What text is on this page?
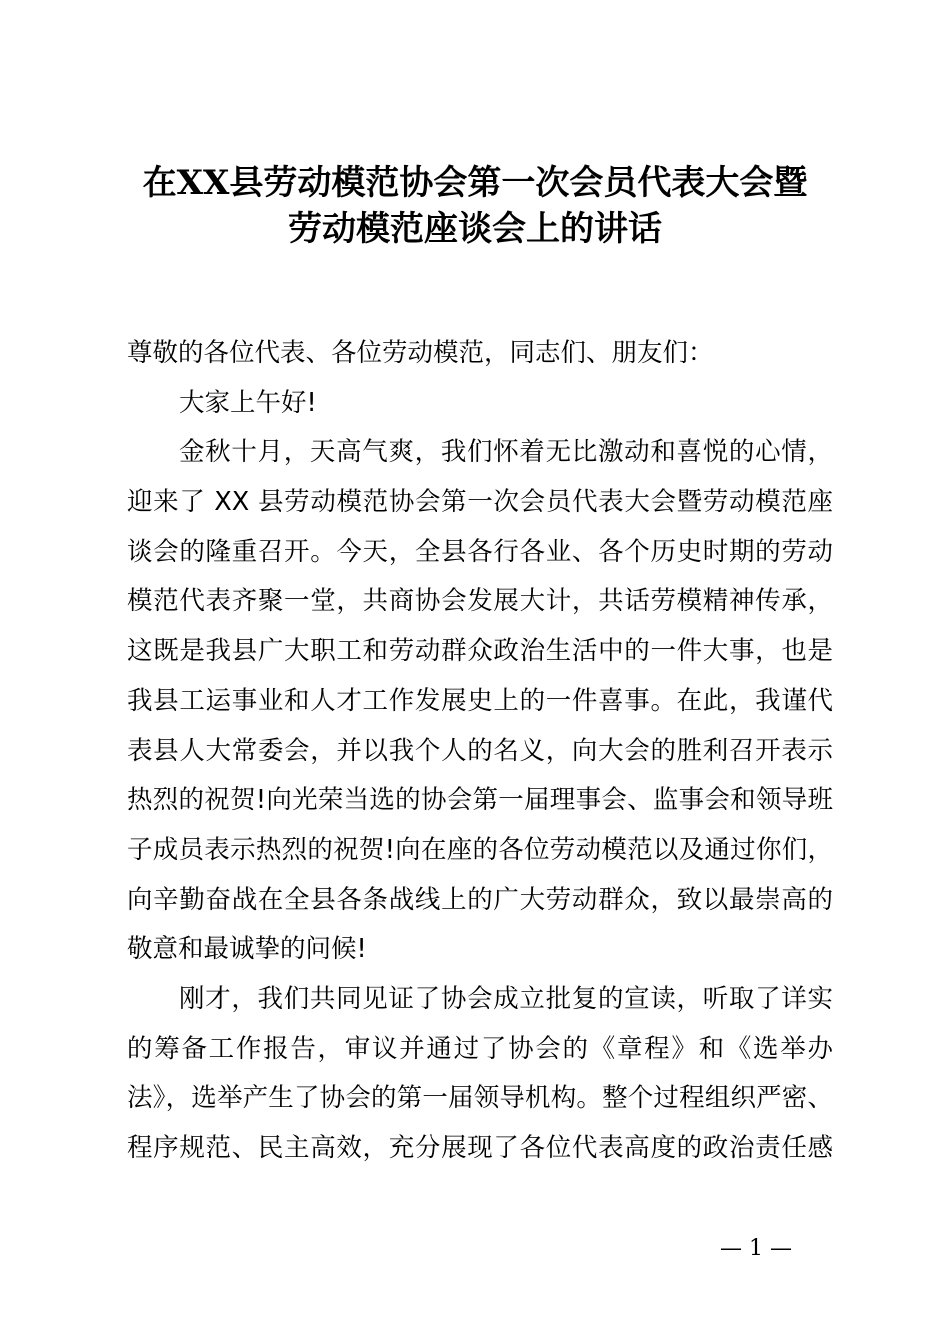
在XX县劳动模范协会第一次会员代表大会暨
劳动模范座谈会上的讲话
尊敬的各位代表、各位劳动模范，同志们、朋友们：
大家上午好!
金秋十月，天高气爽，我们怀着无比激动和喜悦的心情，
迎来了 XX 县劳动模范协会第一次会员代表大会暨劳动模范座
谈会的隆重召开。今天，全县各行各业、各个历史时期的劳动
模范代表齐聚一堂，共商协会发展大计，共话劳模精神传承，
这既是我县广大职工和劳动群众政治生活中的一件大事，也是
我县工运事业和人才工作发展史上的一件喜事。在此，我谨代
表县人大常委会，并以我个人的名义，向大会的胜利召开表示
热烈的祝贺!向光荣当选的协会第一届理事会、监事会和领导班
子成员表示热烈的祝贺!向在座的各位劳动模范以及通过你们，
向辛勤奋战在全县各条战线上的广大劳动群众，致以最崇高的
敬意和最诚挚的问候!
刚才，我们共同见证了协会成立批复的宣读，听取了详实
的筹备工作报告，审议并通过了协会的《章程》和《选举办
法》，选举产生了协会的第一届领导机构。整个过程组织严密、
程序规范、民主高效，充分展现了各位代表高度的政治责任感
— 1 —
